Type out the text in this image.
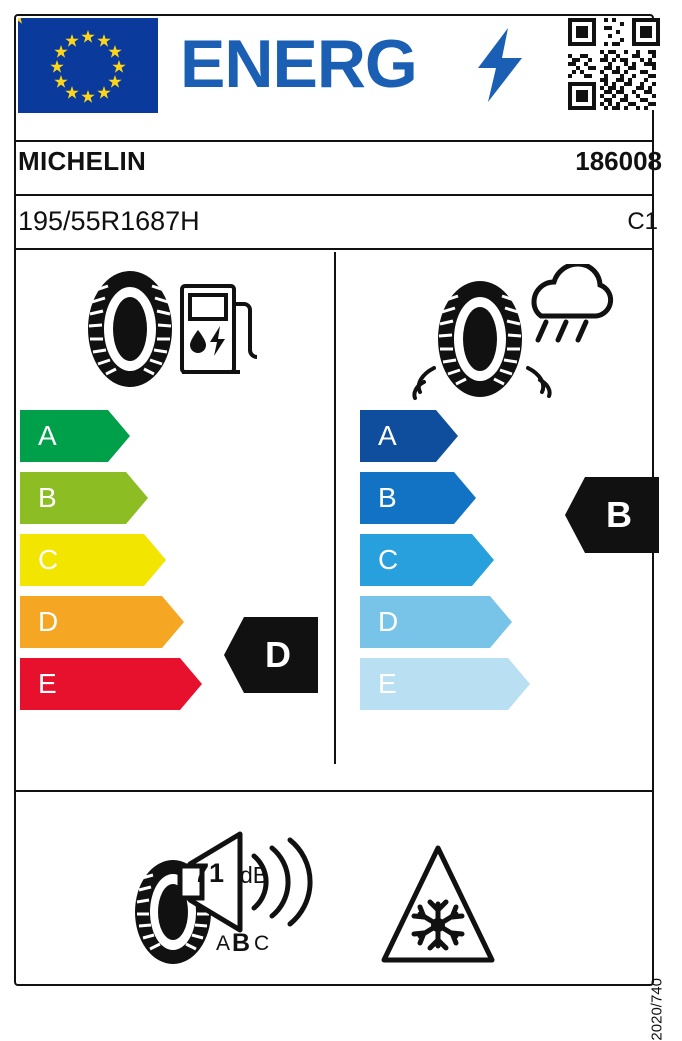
ENERG
MICHELIN	186008
195/55R1687H	C1
A
B
C
D
E
D
A
B
C
D
E
B
71 dB
A B C
2020/740
